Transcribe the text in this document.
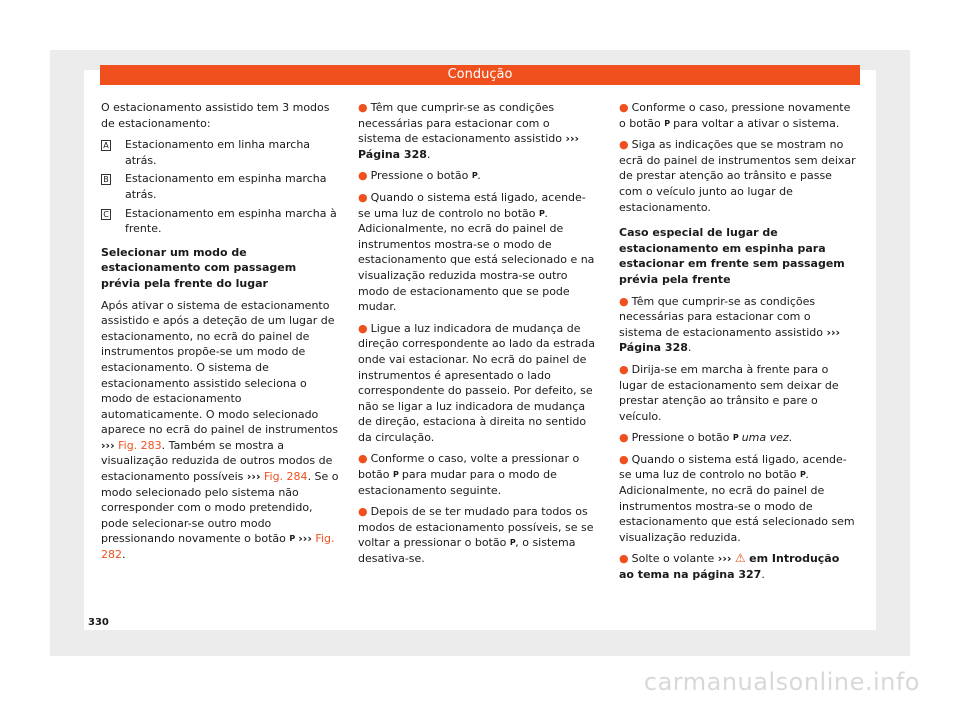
Condução

O estacionamento assistido tem 3 modos de estacionamento:

A Estacionamento em linha marcha atrás.
B Estacionamento em espinha marcha atrás.
C Estacionamento em espinha marcha à frente.

Selecionar um modo de estacionamento com passagem prévia pela frente do lugar

Após ativar o sistema de estacionamento assistido e após a deteção de um lugar de estacionamento, no ecrã do painel de instrumentos propõe-se um modo de estacionamento. O sistema de estacionamento assistido seleciona o modo de estacionamento automaticamente. O modo selecionado aparece no ecrã do painel de instrumentos ››› Fig. 283. Também se mostra a visualização reduzida de outros modos de estacionamento possíveis ››› Fig. 284. Se o modo selecionado pelo sistema não corresponder com o modo pretendido, pode selecionar-se outro modo pressionando novamente o botão P ››› Fig. 282.

● Têm que cumprir-se as condições necessárias para estacionar com o sistema de estacionamento assistido ››› Página 328.

● Pressione o botão P.

● Quando o sistema está ligado, acende-se uma luz de controlo no botão P. Adicionalmente, no ecrã do painel de instrumentos mostra-se o modo de estacionamento que está selecionado e na visualização reduzida mostra-se outro modo de estacionamento que se pode mudar.

● Ligue a luz indicadora de mudança de direção correspondente ao lado da estrada onde vai estacionar. No ecrã do painel de instrumentos é apresentado o lado correspondente do passeio. Por defeito, se não se ligar a luz indicadora de mudança de direção, estaciona à direita no sentido da circulação.

● Conforme o caso, volte a pressionar o botão P para mudar para o modo de estacionamento seguinte.

● Depois de se ter mudado para todos os modos de estacionamento possíveis, se se voltar a pressionar o botão P, o sistema desativa-se.

● Conforme o caso, pressione novamente o botão P para voltar a ativar o sistema.

● Siga as indicações que se mostram no ecrã do painel de instrumentos sem deixar de prestar atenção ao trânsito e passe com o veículo junto ao lugar de estacionamento.

Caso especial de lugar de estacionamento em espinha para estacionar em frente sem passagem prévia pela frente

● Têm que cumprir-se as condições necessárias para estacionar com o sistema de estacionamento assistido ››› Página 328.

● Dirija-se em marcha à frente para o lugar de estacionamento sem deixar de prestar atenção ao trânsito e pare o veículo.

● Pressione o botão P uma vez.

● Quando o sistema está ligado, acende-se uma luz de controlo no botão P. Adicionalmente, no ecrã do painel de instrumentos mostra-se o modo de estacionamento que está selecionado sem visualização reduzida.

● Solte o volante ››› ⚠ em Introdução ao tema na página 327.

330
carmanualsonline.info
